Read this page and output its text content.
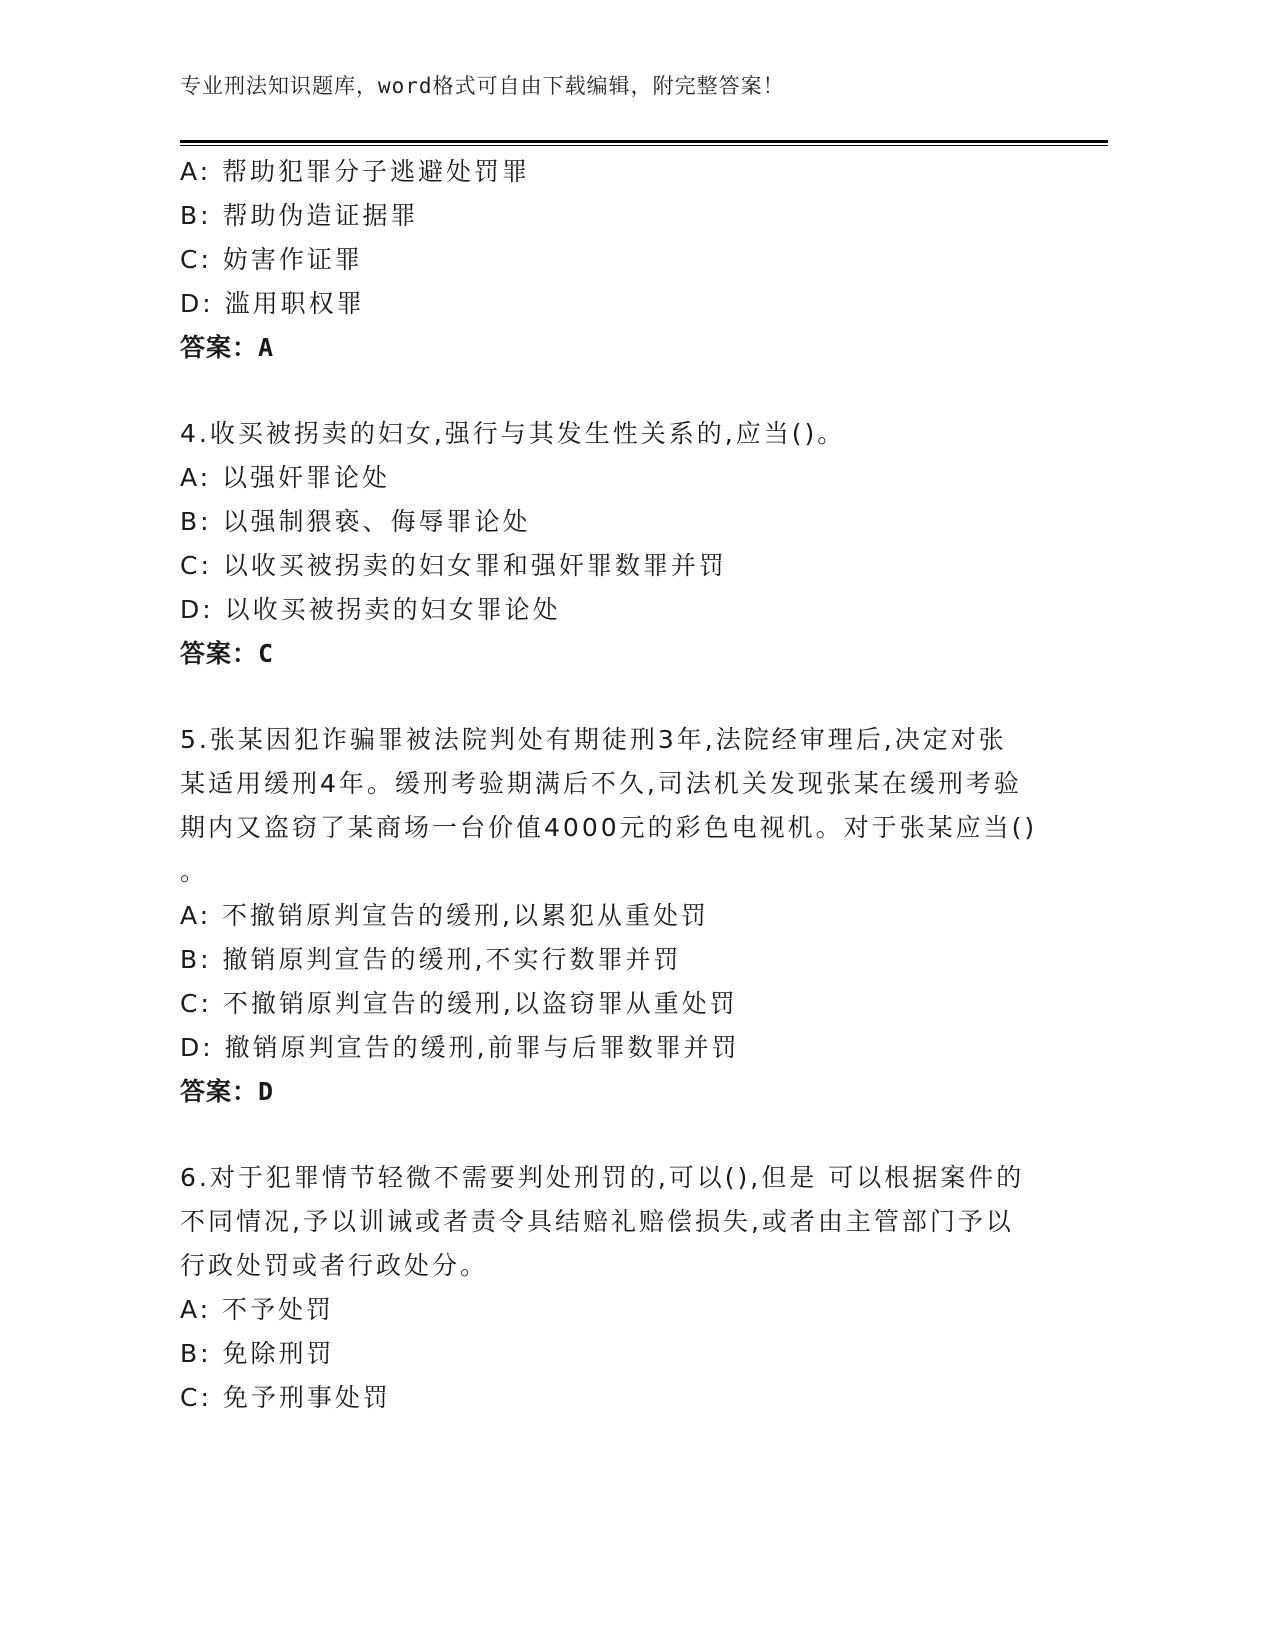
专业刑法知识题库，word格式可自由下载编辑，附完整答案！
A: 帮助犯罪分子逃避处罚罪
B: 帮助伪造证据罪
C: 妨害作证罪
D: 滥用职权罪
答案：A
4.收买被拐卖的妇女,强行与其发生性关系的,应当()。
A: 以强奸罪论处
B: 以强制猥亵、侮辱罪论处
C: 以收买被拐卖的妇女罪和强奸罪数罪并罚
D: 以收买被拐卖的妇女罪论处
答案：C
5.张某因犯诈骗罪被法院判处有期徒刑3年,法院经审理后,决定对张
某适用缓刑4年。缓刑考验期满后不久,司法机关发现张某在缓刑考验
期内又盗窃了某商场一台价值4000元的彩色电视机。对于张某应当()
。
A: 不撤销原判宣告的缓刑,以累犯从重处罚
B: 撤销原判宣告的缓刑,不实行数罪并罚
C: 不撤销原判宣告的缓刑,以盗窃罪从重处罚
D: 撤销原判宣告的缓刑,前罪与后罪数罪并罚
答案：D
6.对于犯罪情节轻微不需要判处刑罚的,可以(),但是 可以根据案件的
不同情况,予以训诫或者责令具结赔礼赔偿损失,或者由主管部门予以
行政处罚或者行政处分。
A: 不予处罚
B: 免除刑罚
C: 免予刑事处罚
